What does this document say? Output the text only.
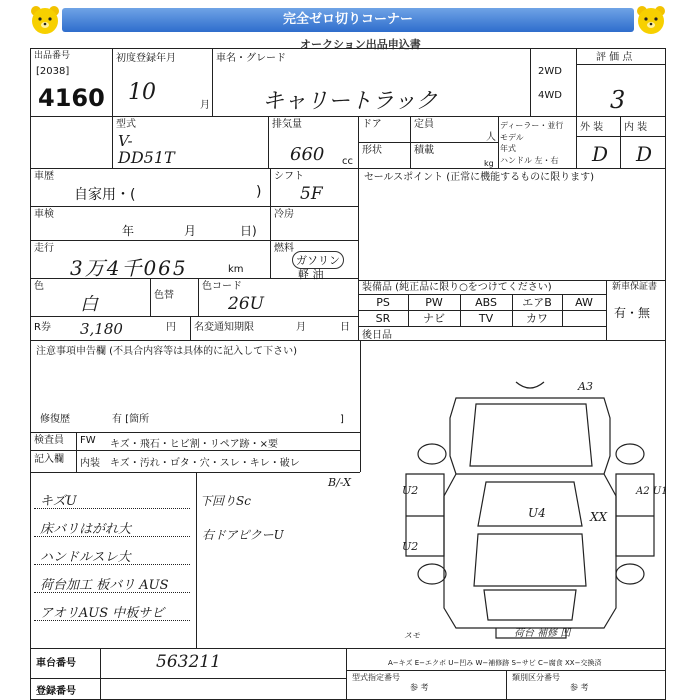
完全ゼロ切りコーナー
オークション出品申込書
出品番号
[2038]
4160
初度登録年月
10
月
車名・グレード
キャリートラック
2WD
4WD
評 価 点
3
型式
V-
DD51T
排気量
660 cc
ドア	定員
人
形状	積載
kg
ディーラー・並行
モデル
年式
ハンドル 左・右
外 装 内 装
D D
車歴
自家用・(	)
シフト
5F
車検
年	月	日)
冷房
走行
3万4千065	km
燃料
ガソリン
軽 油
色
白	色替
色コード
26U
R券 3,180	円 名変通知期限	月	日
セールスポイント (正常に機能するものに限ります)
装備品 (純正品に限り○をつけてください)	新車保証書
有・無
PS	PW	ABS	エアB	AW
SR	ナビ	TV	カワ
後日品
注意事項申告欄 (不具合内容等は具体的に記入して下さい)
修復歴	有 [箇所	]
検査員
記入欄
FW キズ・飛石・ヒビ割・リペア跡・×要
内装 キズ・汚れ・ロ゙タ・穴・スレ・キレ・破レ
キズU
床バリはがれ大
ハンドルスレ大
荷台加工 板バリ AUS
アオリAUS 中板サビ
下回りSc
右ドアピクーU
B/-X
A3
U2
U2
U4	XX
A2 U1
荷台 補修 凹
スモ
車台番号	563211
登録番号
A−キズ E−エクボ U−凹み W−補修跡 S−サビ C−腐食 XX−交換済
型式指定番号	類別区分番号
参 考	参 考
